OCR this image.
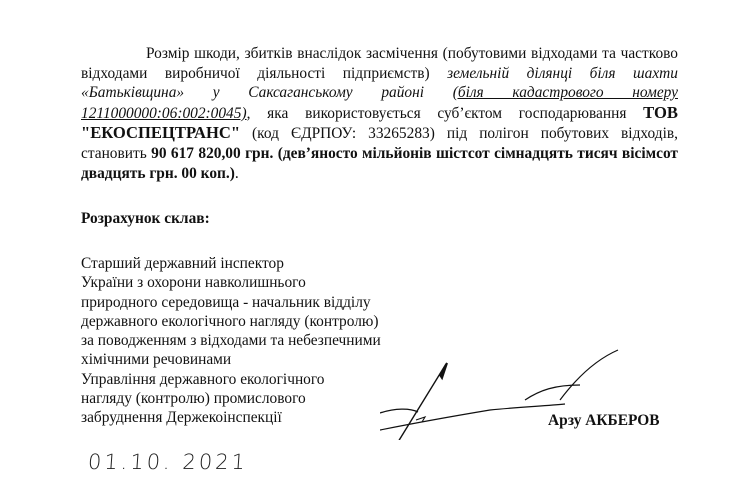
Розмір шкоди, збитків внаслідок засмічення (побутовими відходами та частково відходами виробничої діяльності підприємств) земельній ділянці біля шахти «Батьківщина» у Саксаганському районі (біля кадастрового номеру 1211000000:06:002:0045), яка використовується суб’єктом господарювання ТОВ "ЕКОСПЕЦТРАНС" (код ЄДРПОУ: 33265283) під полігон побутових відходів, становить 90 617 820,00 грн. (дев’яносто мільйонів шістсот сімнадцять тисяч вісімсот двадцять грн. 00 коп.).
Розрахунок склав:
Старший державний інспектор
України з охорони навколишнього
природного середовища - начальник відділу
державного екологічного нагляду (контролю)
за поводженням з відходами та небезпечними
хімічними речовинами
Управління державного екологічного
нагляду (контролю) промислового
забруднення Держекоінспекції	Арзу АКБЕРОВ
01.10. 2021
